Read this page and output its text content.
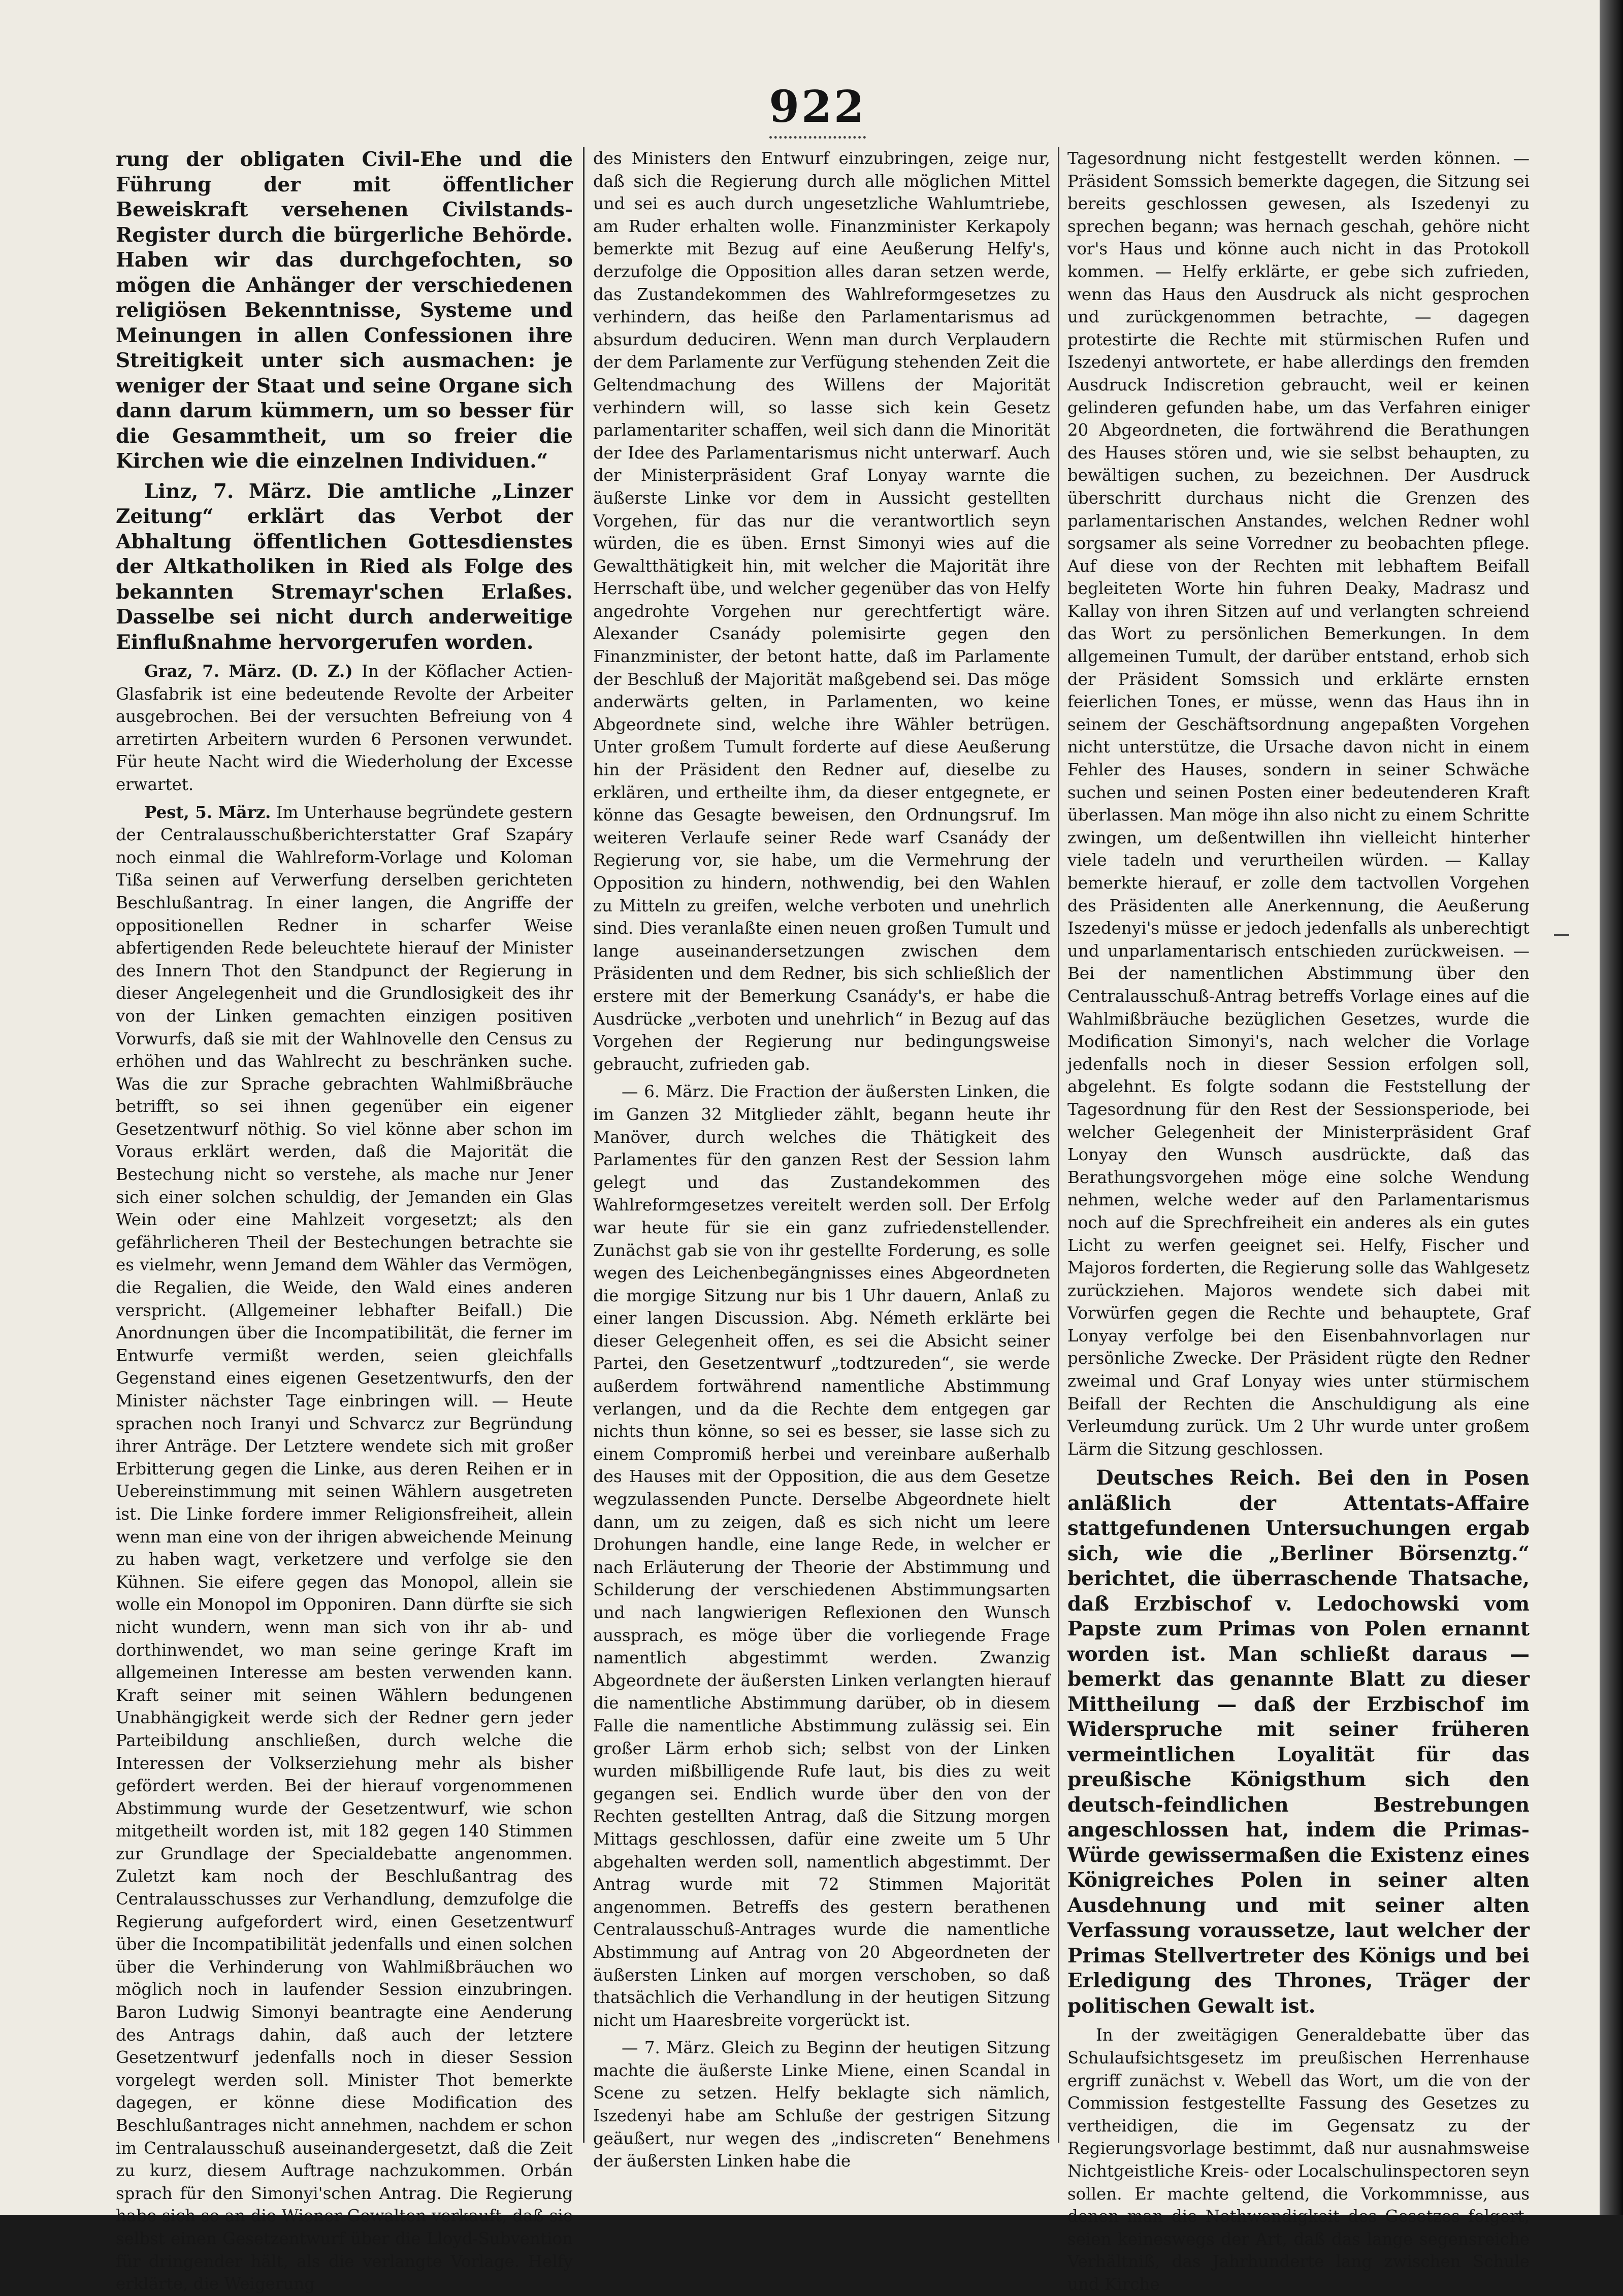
922

rung der obligaten Civil-Ehe und die Führung der mit öffentlicher Beweiskraft versehenen Civilstands-Register durch die bürgerliche Behörde. Haben wir das durchgefochten, so mögen die Anhänger der verschiedenen religiösen Bekenntnisse, Systeme und Meinungen in allen Confessionen ihre Streitigkeit unter sich ausmachen: je weniger der Staat und seine Organe sich dann darum kümmern, um so besser für die Gesammtheit, um so freier die Kirchen wie die einzelnen Individuen.“

Linz, 7. März. Die amtliche „Linzer Zeitung“ erklärt das Verbot der Abhaltung öffentlichen Gottesdienstes der Altkatholiken in Ried als Folge des bekannten Stremayr'schen Erlaßes. Dasselbe sei nicht durch anderweitige Einflußnahme hervorgerufen worden.

Graz, 7. März. (D. Z.) In der Köflacher Actien-Glasfabrik ist eine bedeutende Revolte der Arbeiter ausgebrochen. Bei der versuchten Befreiung von 4 arretirten Arbeitern wurden 6 Personen verwundet. Für heute Nacht wird die Wiederholung der Excesse erwartet.

Pest, 5. März. Im Unterhause begründete gestern der Centralausschußberichterstatter Graf Szapáry noch einmal die Wahlreform-Vorlage und Koloman Tißa seinen auf Verwerfung derselben gerichteten Beschlußantrag. In einer langen, die Angriffe der oppositionellen Redner in scharfer Weise abfertigenden Rede beleuchtete hierauf der Minister des Innern Thot den Standpunct der Regierung in dieser Angelegenheit und die Grundlosigkeit des ihr von der Linken gemachten einzigen positiven Vorwurfs, daß sie mit der Wahlnovelle den Census zu erhöhen und das Wahlrecht zu beschränken suche. Was die zur Sprache gebrachten Wahlmißbräuche betrifft, so sei ihnen gegenüber ein eigener Gesetzentwurf nöthig. So viel könne aber schon im Voraus erklärt werden, daß die Majorität die Bestechung nicht so verstehe, als mache nur Jener sich einer solchen schuldig, der Jemanden ein Glas Wein oder eine Mahlzeit vorgesetzt; als den gefährlicheren Theil der Bestechungen betrachte sie es vielmehr, wenn Jemand dem Wähler das Vermögen, die Regalien, die Weide, den Wald eines anderen verspricht. (Allgemeiner lebhafter Beifall.) Die Anordnungen über die Incompatibilität, die ferner im Entwurfe vermißt werden, seien gleichfalls Gegenstand eines eigenen Gesetzentwurfs, den der Minister nächster Tage einbringen will. — Heute sprachen noch Iranyi und Schvarcz zur Begründung ihrer Anträge. Der Letztere wendete sich mit großer Erbitterung gegen die Linke, aus deren Reihen er in Uebereinstimmung mit seinen Wählern ausgetreten ist. Die Linke fordere immer Religionsfreiheit, allein wenn man eine von der ihrigen abweichende Meinung zu haben wagt, verketzere und verfolge sie den Kühnen. Sie eifere gegen das Monopol, allein sie wolle ein Monopol im Opponiren. Dann dürfte sie sich nicht wundern, wenn man sich von ihr ab- und dorthinwendet, wo man seine geringe Kraft im allgemeinen Interesse am besten verwenden kann. Kraft seiner mit seinen Wählern bedungenen Unabhängigkeit werde sich der Redner gern jeder Parteibildung anschließen, durch welche die Interessen der Volkserziehung mehr als bisher gefördert werden. Bei der hierauf vorgenommenen Abstimmung wurde der Gesetzentwurf, wie schon mitgetheilt worden ist, mit 182 gegen 140 Stimmen zur Grundlage der Specialdebatte angenommen. Zuletzt kam noch der Beschlußantrag des Centralausschusses zur Verhandlung, demzufolge die Regierung aufgefordert wird, einen Gesetzentwurf über die Incompatibilität jedenfalls und einen solchen über die Verhinderung von Wahlmißbräuchen wo möglich noch in laufender Session einzubringen. Baron Ludwig Simonyi beantragte eine Aenderung des Antrags dahin, daß auch der letztere Gesetzentwurf jedenfalls noch in dieser Session vorgelegt werden soll. Minister Thot bemerkte dagegen, er könne diese Modification des Beschlußantrages nicht annehmen, nachdem er schon im Centralausschuß auseinandergesetzt, daß die Zeit zu kurz, diesem Auftrage nachzukommen. Orbán sprach für den Simonyi'schen Antrag. Die Regierung habe sich so an die Wiener Gewalten verkauft, daß sie selbst einen Gesetzentwurf über die Lloyd-Subvention für dringender hält, als die verlangte Vorlage. Helfy erklärte, die Weigerung

des Ministers den Entwurf einzubringen, zeige nur, daß sich die Regierung durch alle möglichen Mittel und sei es auch durch ungesetzliche Wahlumtriebe, am Ruder erhalten wolle. Finanzminister Kerkapoly bemerkte mit Bezug auf eine Aeußerung Helfy's, derzufolge die Opposition alles daran setzen werde, das Zustandekommen des Wahlreformgesetzes zu verhindern, das heiße den Parlamentarismus ad absurdum deduciren. Wenn man durch Verplaudern der dem Parlamente zur Verfügung stehenden Zeit die Geltendmachung des Willens der Majorität verhindern will, so lasse sich kein Gesetz parlamentariter schaffen, weil sich dann die Minorität der Idee des Parlamentarismus nicht unterwarf. Auch der Ministerpräsident Graf Lonyay warnte die äußerste Linke vor dem in Aussicht gestellten Vorgehen, für das nur die verantwortlich seyn würden, die es üben. Ernst Simonyi wies auf die Gewaltthätigkeit hin, mit welcher die Majorität ihre Herrschaft übe, und welcher gegenüber das von Helfy angedrohte Vorgehen nur gerechtfertigt wäre. Alexander Csanády polemisirte gegen den Finanzminister, der betont hatte, daß im Parlamente der Beschluß der Majorität maßgebend sei. Das möge anderwärts gelten, in Parlamenten, wo keine Abgeordnete sind, welche ihre Wähler betrügen. Unter großem Tumult forderte auf diese Aeußerung hin der Präsident den Redner auf, dieselbe zu erklären, und ertheilte ihm, da dieser entgegnete, er könne das Gesagte beweisen, den Ordnungsruf. Im weiteren Verlaufe seiner Rede warf Csanády der Regierung vor, sie habe, um die Vermehrung der Opposition zu hindern, nothwendig, bei den Wahlen zu Mitteln zu greifen, welche verboten und unehrlich sind. Dies veranlaßte einen neuen großen Tumult und lange auseinandersetzungen zwischen dem Präsidenten und dem Redner, bis sich schließlich der erstere mit der Bemerkung Csanády's, er habe die Ausdrücke „verboten und unehrlich“ in Bezug auf das Vorgehen der Regierung nur bedingungsweise gebraucht, zufrieden gab.

— 6. März. Die Fraction der äußersten Linken, die im Ganzen 32 Mitglieder zählt, begann heute ihr Manöver, durch welches die Thätigkeit des Parlamentes für den ganzen Rest der Session lahm gelegt und das Zustandekommen des Wahlreformgesetzes vereitelt werden soll. Der Erfolg war heute für sie ein ganz zufriedenstellender. Zunächst gab sie von ihr gestellte Forderung, es solle wegen des Leichenbegängnisses eines Abgeordneten die morgige Sitzung nur bis 1 Uhr dauern, Anlaß zu einer langen Discussion. Abg. Németh erklärte bei dieser Gelegenheit offen, es sei die Absicht seiner Partei, den Gesetzentwurf „todtzureden“, sie werde außerdem fortwährend namentliche Abstimmung verlangen, und da die Rechte dem entgegen gar nichts thun könne, so sei es besser, sie lasse sich zu einem Compromiß herbei und vereinbare außerhalb des Hauses mit der Opposition, die aus dem Gesetze wegzulassenden Puncte. Derselbe Abgeordnete hielt dann, um zu zeigen, daß es sich nicht um leere Drohungen handle, eine lange Rede, in welcher er nach Erläuterung der Theorie der Abstimmung und Schilderung der verschiedenen Abstimmungsarten und nach langwierigen Reflexionen den Wunsch aussprach, es möge über die vorliegende Frage namentlich abgestimmt werden. Zwanzig Abgeordnete der äußersten Linken verlangten hierauf die namentliche Abstimmung darüber, ob in diesem Falle die namentliche Abstimmung zulässig sei. Ein großer Lärm erhob sich; selbst von der Linken wurden mißbilligende Rufe laut, bis dies zu weit gegangen sei. Endlich wurde über den von der Rechten gestellten Antrag, daß die Sitzung morgen Mittags geschlossen, dafür eine zweite um 5 Uhr abgehalten werden soll, namentlich abgestimmt. Der Antrag wurde mit 72 Stimmen Majorität angenommen. Betreffs des gestern berathenen Centralausschuß-Antrages wurde die namentliche Abstimmung auf Antrag von 20 Abgeordneten der äußersten Linken auf morgen verschoben, so daß thatsächlich die Verhandlung in der heutigen Sitzung nicht um Haaresbreite vorgerückt ist.

— 7. März. Gleich zu Beginn der heutigen Sitzung machte die äußerste Linke Miene, einen Scandal in Scene zu setzen. Helfy beklagte sich nämlich, Iszedenyi habe am Schluße der gestrigen Sitzung geäußert, nur wegen des „indiscreten“ Benehmens der äußersten Linken habe die

Tagesordnung nicht festgestellt werden können. — Präsident Somssich bemerkte dagegen, die Sitzung sei bereits geschlossen gewesen, als Iszedenyi zu sprechen begann; was hernach geschah, gehöre nicht vor's Haus und könne auch nicht in das Protokoll kommen. — Helfy erklärte, er gebe sich zufrieden, wenn das Haus den Ausdruck als nicht gesprochen und zurückgenommen betrachte, — dagegen protestirte die Rechte mit stürmischen Rufen und Iszedenyi antwortete, er habe allerdings den fremden Ausdruck Indiscretion gebraucht, weil er keinen gelinderen gefunden habe, um das Verfahren einiger 20 Abgeordneten, die fortwährend die Berathungen des Hauses stören und, wie sie selbst behaupten, zu bewältigen suchen, zu bezeichnen. Der Ausdruck überschritt durchaus nicht die Grenzen des parlamentarischen Anstandes, welchen Redner wohl sorgsamer als seine Vorredner zu beobachten pflege. Auf diese von der Rechten mit lebhaftem Beifall begleiteten Worte hin fuhren Deaky, Madrasz und Kallay von ihren Sitzen auf und verlangten schreiend das Wort zu persönlichen Bemerkungen. In dem allgemeinen Tumult, der darüber entstand, erhob sich der Präsident Somssich und erklärte ernsten feierlichen Tones, er müsse, wenn das Haus ihn in seinem der Geschäftsordnung angepaßten Vorgehen nicht unterstütze, die Ursache davon nicht in einem Fehler des Hauses, sondern in seiner Schwäche suchen und seinen Posten einer bedeutenderen Kraft überlassen. Man möge ihn also nicht zu einem Schritte zwingen, um deßentwillen ihn vielleicht hinterher viele tadeln und verurtheilen würden. — Kallay bemerkte hierauf, er zolle dem tactvollen Vorgehen des Präsidenten alle Anerkennung, die Aeußerung Iszedenyi's müsse er jedoch jedenfalls als unberechtigt und unparlamentarisch entschieden zurückweisen. — Bei der namentlichen Abstimmung über den Centralausschuß-Antrag betreffs Vorlage eines auf die Wahlmißbräuche bezüglichen Gesetzes, wurde die Modification Simonyi's, nach welcher die Vorlage jedenfalls noch in dieser Session erfolgen soll, abgelehnt. Es folgte sodann die Feststellung der Tagesordnung für den Rest der Sessionsperiode, bei welcher Gelegenheit der Ministerpräsident Graf Lonyay den Wunsch ausdrückte, daß das Berathungsvorgehen möge eine solche Wendung nehmen, welche weder auf den Parlamentarismus noch auf die Sprechfreiheit ein anderes als ein gutes Licht zu werfen geeignet sei. Helfy, Fischer und Majoros forderten, die Regierung solle das Wahlgesetz zurückziehen. Majoros wendete sich dabei mit Vorwürfen gegen die Rechte und behauptete, Graf Lonyay verfolge bei den Eisenbahnvorlagen nur persönliche Zwecke. Der Präsident rügte den Redner zweimal und Graf Lonyay wies unter stürmischem Beifall der Rechten die Anschuldigung als eine Verleumdung zurück. Um 2 Uhr wurde unter großem Lärm die Sitzung geschlossen.

Deutsches Reich. Bei den in Posen anläßlich der Attentats-Affaire stattgefundenen Untersuchungen ergab sich, wie die „Berliner Börsenztg.“ berichtet, die überraschende Thatsache, daß Erzbischof v. Ledochowski vom Papste zum Primas von Polen ernannt worden ist. Man schließt daraus — bemerkt das genannte Blatt zu dieser Mittheilung — daß der Erzbischof im Widerspruche mit seiner früheren vermeintlichen Loyalität für das preußische Königsthum sich den deutsch-feindlichen Bestrebungen angeschlossen hat, indem die Primas-Würde gewissermaßen die Existenz eines Königreiches Polen in seiner alten Ausdehnung und mit seiner alten Verfassung voraussetze, laut welcher der Primas Stellvertreter des Königs und bei Erledigung des Thrones, Träger der politischen Gewalt ist.

In der zweitägigen Generaldebatte über das Schulaufsichtsgesetz im preußischen Herrenhause ergriff zunächst v. Webell das Wort, um die von der Commission festgestellte Fassung des Gesetzes zu vertheidigen, die im Gegensatz zu der Regierungsvorlage bestimmt, daß nur ausnahmsweise Nichtgeistliche Kreis- oder Localschulinspectoren seyn sollen. Er machte geltend, die Vorkommnisse, aus denen man die Nothwendigkeit des Gesetzes folgert, seien keineswegs der Art, daß das lange segensreiche Verhältniß, das Jahrhunderte lang zwischen Schule und Kirche
